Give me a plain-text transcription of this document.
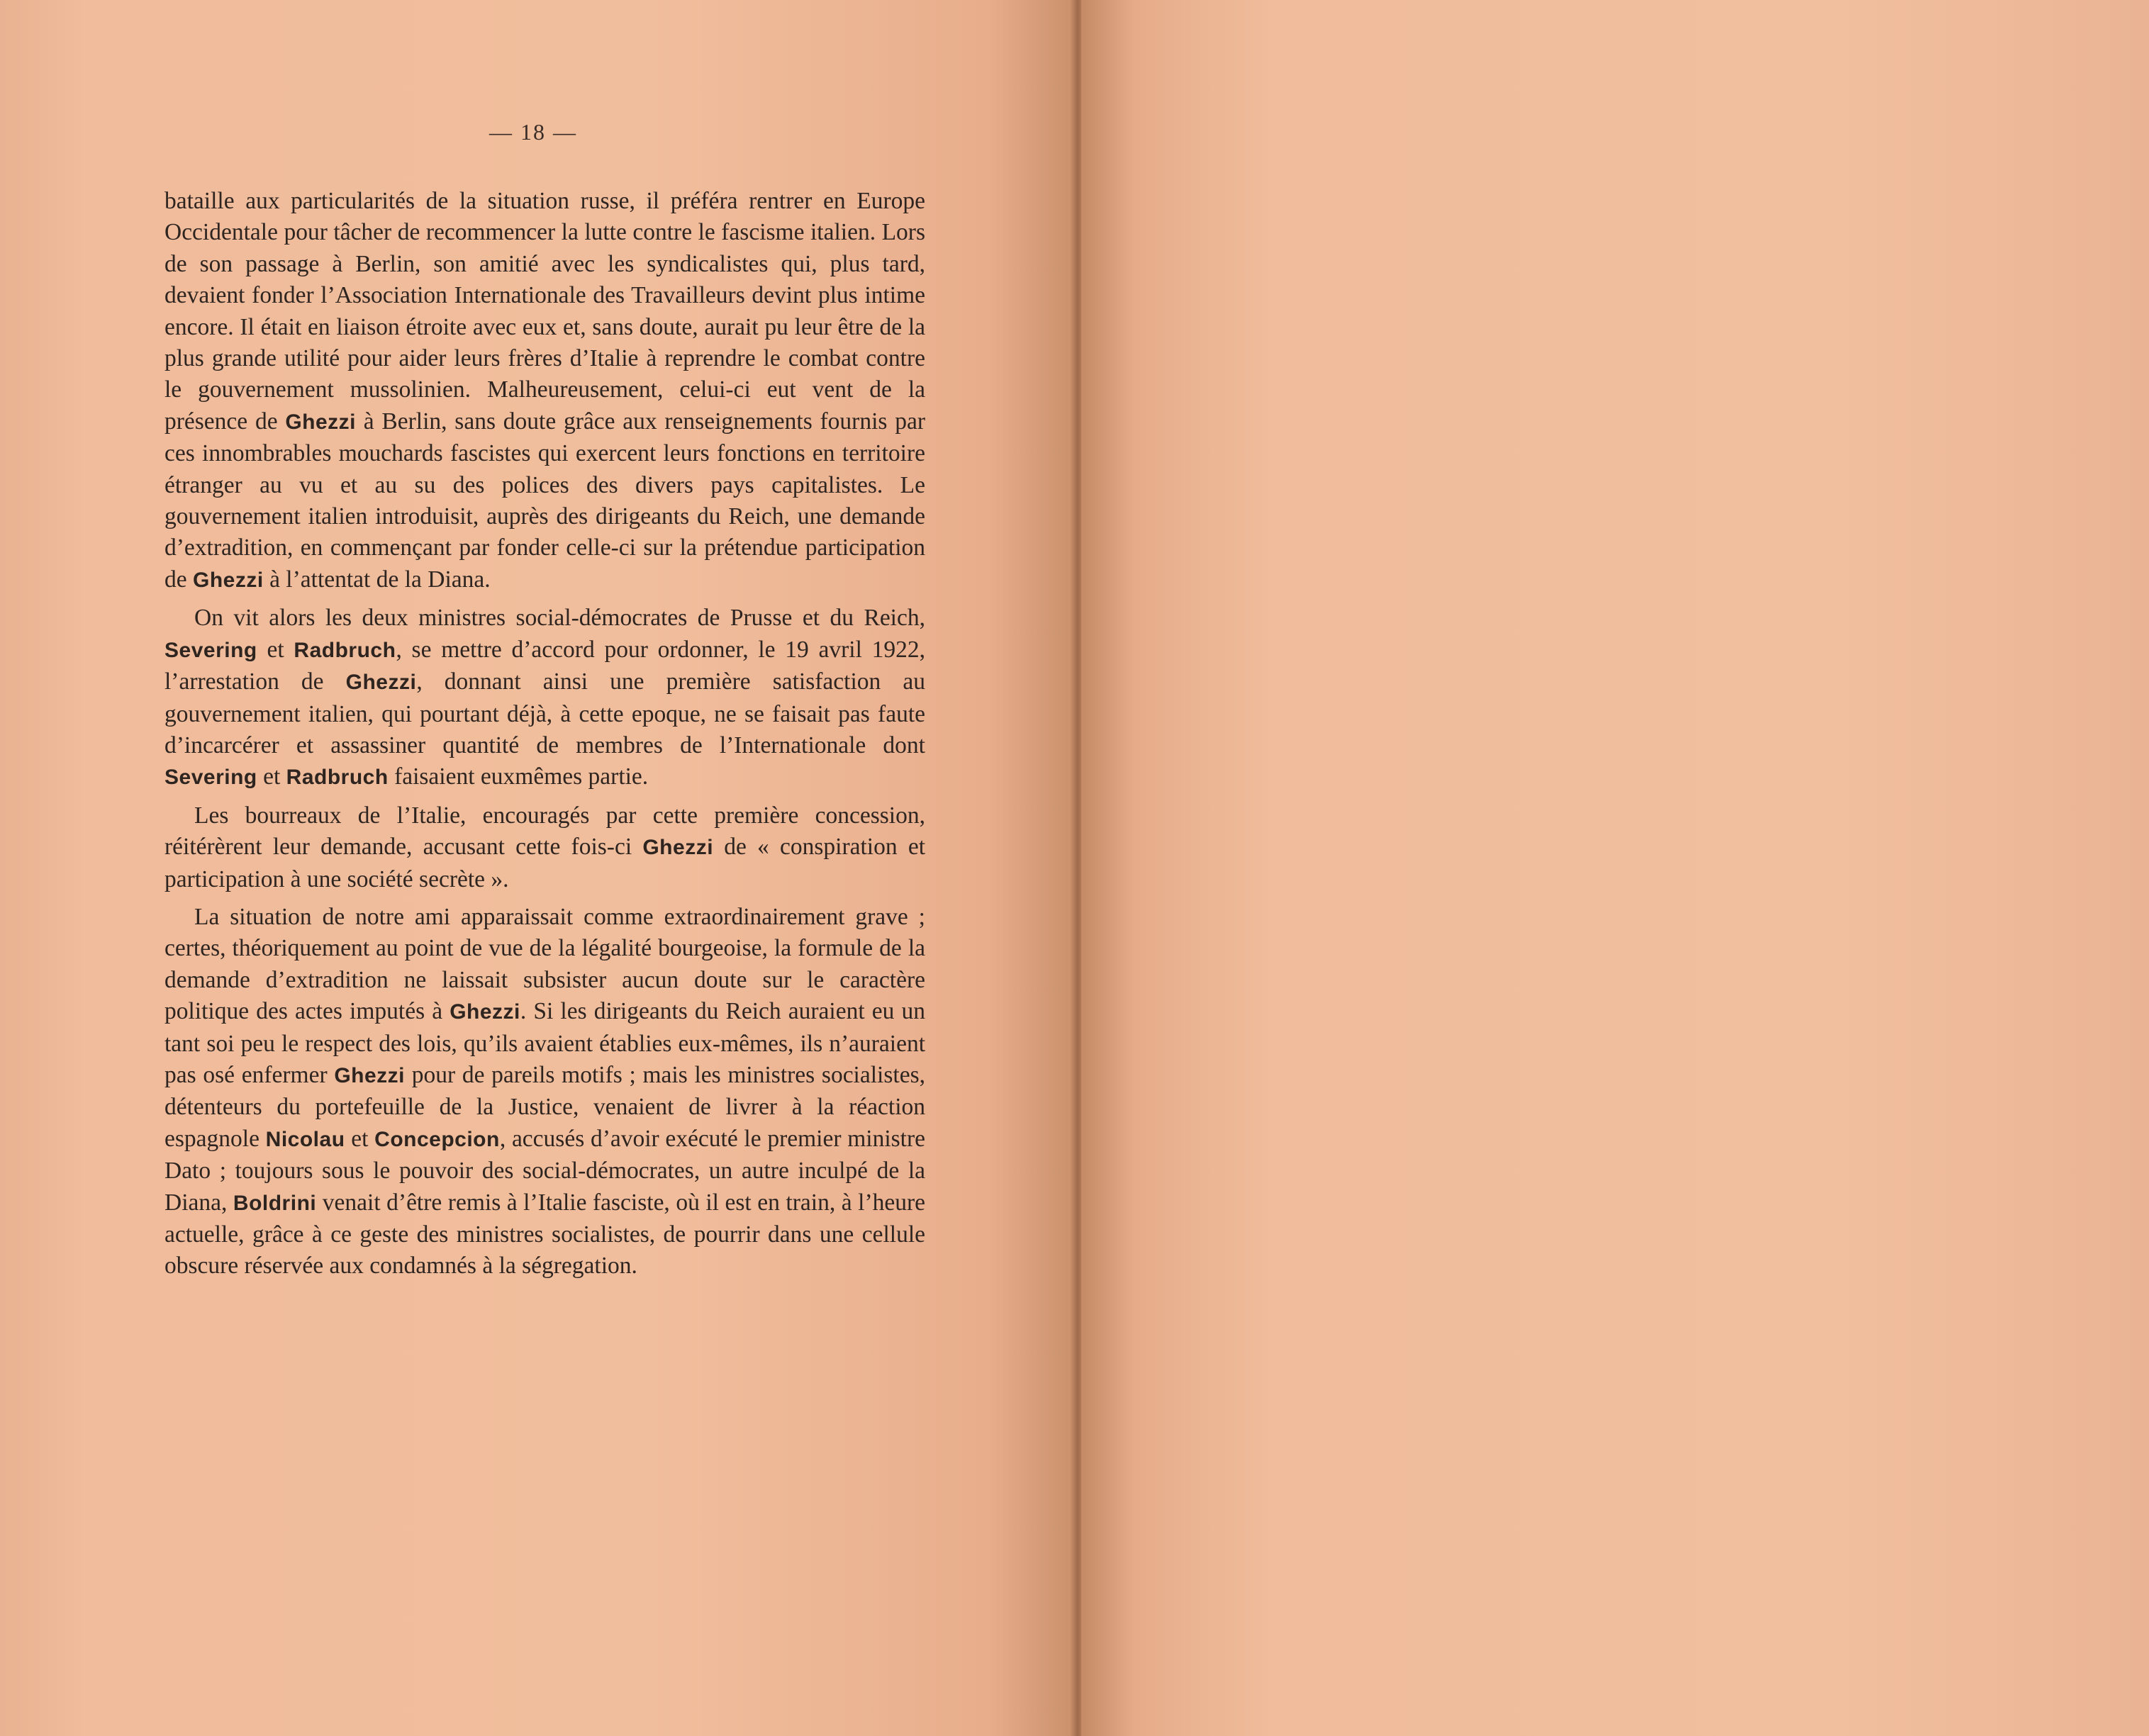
— 18 —

bataille aux particularités de la situation russe, il préféra rentrer en Europe Occidentale pour tâcher de recommencer la lutte contre le fascisme italien. Lors de son passage à Berlin, son amitié avec les syndicalistes qui, plus tard, devaient fonder l’Association Internationale des Travailleurs devint plus intime encore. Il était en liaison étroite avec eux et, sans doute, aurait pu leur être de la plus grande utilité pour aider leurs frères d’Italie à reprendre le combat contre le gouvernement mussolinien. Malheureusement, celui-ci eut vent de la présence de Ghezzi à Berlin, sans doute grâce aux renseignements fournis par ces innombrables mouchards fascistes qui exercent leurs fonctions en territoire étranger au vu et au su des polices des divers pays capitalistes. Le gouvernement italien introduisit, auprès des dirigeants du Reich, une demande d’extradition, en commençant par fonder celle-ci sur la prétendue participation de Ghezzi à l’attentat de la Diana.

On vit alors les deux ministres social-démocrates de Prusse et du Reich, Severing et Radbruch, se mettre d’accord pour ordonner, le 19 avril 1922, l’arrestation de Ghezzi, donnant ainsi une première satisfaction au gouvernement italien, qui pourtant déjà, à cette epoque, ne se faisait pas faute d’incarcérer et assassiner quantité de membres de l’Internationale dont Severing et Radbruch faisaient euxmêmes partie.

Les bourreaux de l’Italie, encouragés par cette première concession, réitérèrent leur demande, accusant cette fois-ci Ghezzi de « conspiration et participation à une société secrète ».

La situation de notre ami apparaissait comme extraordinairement grave ; certes, théoriquement au point de vue de la légalité bourgeoise, la formule de la demande d’extradition ne laissait subsister aucun doute sur le caractère politique des actes imputés à Ghezzi. Si les dirigeants du Reich auraient eu un tant soi peu le respect des lois, qu’ils avaient établies eux-mêmes, ils n’auraient pas osé enfermer Ghezzi pour de pareils motifs ; mais les ministres socialistes, détenteurs du portefeuille de la Justice, venaient de livrer à la réaction espagnole Nicolau et Concepcion, accusés d’avoir exécuté le premier ministre Dato ; toujours sous le pouvoir des social-démocrates, un autre inculpé de la Diana, Boldrini venait d’être remis à l’Italie fasciste, où il est en train, à l’heure actuelle, grâce à ce geste des ministres socialistes, de pourrir dans une cellule obscure réservée aux condamnés à la ségregation.
